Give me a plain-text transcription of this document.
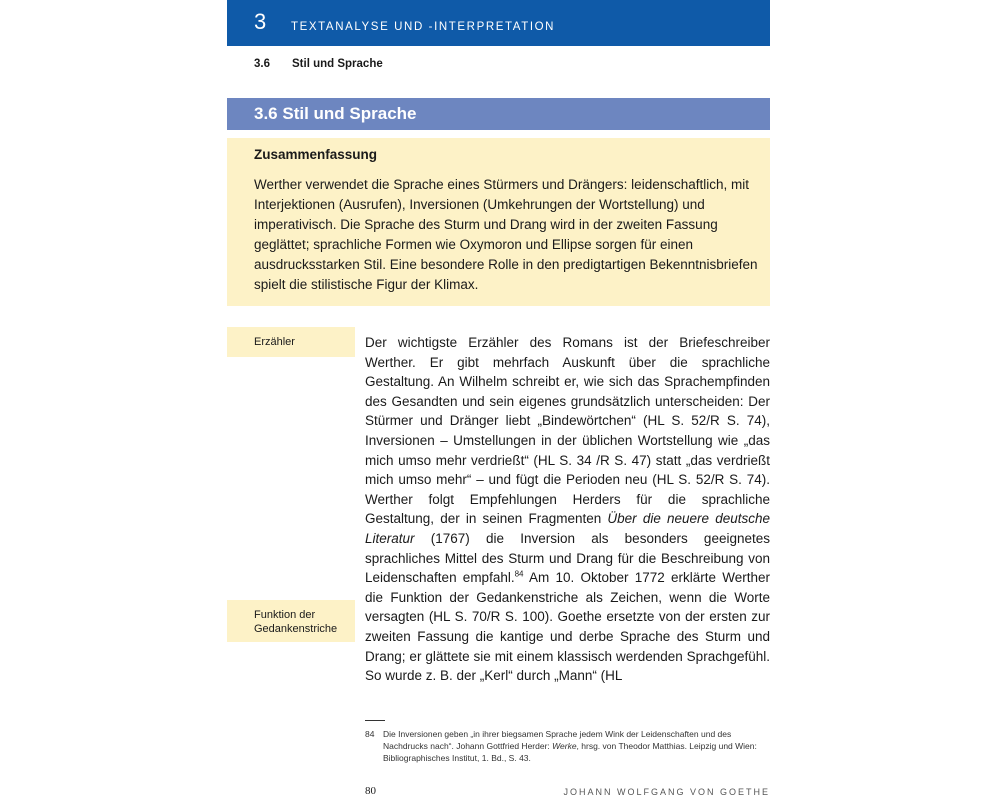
3 TEXTANALYSE UND -INTERPRETATION
3.6 Stil und Sprache
3.6 Stil und Sprache
Zusammenfassung
Werther verwendet die Sprache eines Stürmers und Drängers: leidenschaftlich, mit Interjektionen (Ausrufen), Inversionen (Umkehrungen der Wortstellung) und imperativisch. Die Sprache des Sturm und Drang wird in der zweiten Fassung geglättet; sprachliche Formen wie Oxymoron und Ellipse sorgen für einen ausdrucksstarken Stil. Eine besondere Rolle in den predigtartigen Bekenntnisbriefen spielt die stilistische Figur der Klimax.
Erzähler
Funktion der Gedankenstriche
Der wichtigste Erzähler des Romans ist der Briefeschreiber Werther. Er gibt mehrfach Auskunft über die sprachliche Gestaltung. An Wilhelm schreibt er, wie sich das Sprachempfinden des Gesandten und sein eigenes grundsätzlich unterscheiden: Der Stürmer und Dränger liebt „Bindewörtchen“ (HL S. 52/R S. 74), Inversionen – Umstellungen in der üblichen Wortstellung wie „das mich umso mehr verdrießt“ (HL S. 34 /R S. 47) statt „das verdrießt mich umso mehr“ – und fügt die Perioden neu (HL S. 52/R S. 74). Werther folgt Empfehlungen Herders für die sprachliche Gestaltung, der in seinen Fragmenten Über die neuere deutsche Literatur (1767) die Inversion als besonders geeignetes sprachliches Mittel des Sturm und Drang für die Beschreibung von Leidenschaften empfahl.$^{84}$ Am 10. Oktober 1772 erklärte Werther die Funktion der Gedankenstriche als Zeichen, wenn die Worte versagten (HL S. 70/R S. 100). Goethe ersetzte von der ersten zur zweiten Fassung die kantige und derbe Sprache des Sturm und Drang; er glättete sie mit einem klassisch werdenden Sprachgefühl. So wurde z. B. der „Kerl“ durch „Mann“ (HL
84 Die Inversionen geben „in ihrer biegsamen Sprache jedem Wink der Leidenschaften und des Nachdrucks nach“. Johann Gottfried Herder: Werke, hrsg. von Theodor Matthias. Leipzig und Wien: Bibliographisches Institut, 1. Bd., S. 43.
80	JOHANN WOLFGANG VON GOETHE
